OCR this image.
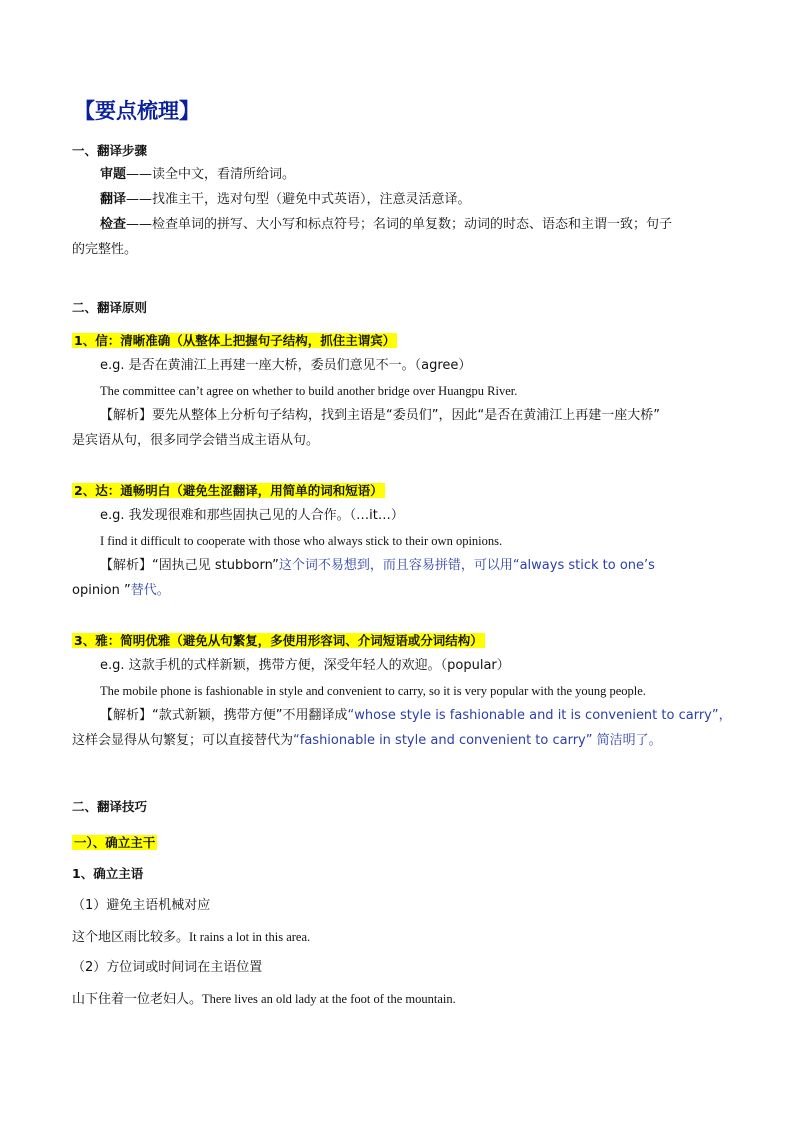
【要点梳理】
一、翻译步骤
审题——读全中文，看清所给词。
翻译——找准主干，选对句型（避免中式英语），注意灵活意译。
检查——检查单词的拼写、大小写和标点符号；名词的单复数；动词的时态、语态和主谓一致；句子
的完整性。
二、翻译原则
1、信：清晰准确（从整体上把握句子结构，抓住主谓宾）
e.g. 是否在黄浦江上再建一座大桥，委员们意见不一。（agree）
The committee can’t agree on whether to build another bridge over Huangpu River.
【解析】要先从整体上分析句子结构，找到主语是“委员们”，因此“是否在黄浦江上再建一座大桥”
是宾语从句，很多同学会错当成主语从句。
2、达：通畅明白（避免生涩翻译，用简单的词和短语）
e.g. 我发现很难和那些固执己见的人合作。（…it…）
I find it difficult to cooperate with those who always stick to their own opinions.
【解析】“固执己见 stubborn”这个词不易想到，而且容易拼错，可以用“always stick to one’s
opinion ”替代。
3、雅：简明优雅（避免从句繁复，多使用形容词、介词短语或分词结构）
e.g. 这款手机的式样新颖，携带方便，深受年轻人的欢迎。（popular）
The mobile phone is fashionable in style and convenient to carry, so it is very popular with the young people.
【解析】“款式新颖，携带方便”不用翻译成“whose style is fashionable and it is convenient to carry”，
这样会显得从句繁复；可以直接替代为“fashionable in style and convenient to carry” 简洁明了。
二、翻译技巧
一）、确立主干
1、确立主语
（1）避免主语机械对应
这个地区雨比较多。It rains a lot in this area.
（2）方位词或时间词在主语位置
山下住着一位老妇人。There lives an old lady at the foot of the mountain.
